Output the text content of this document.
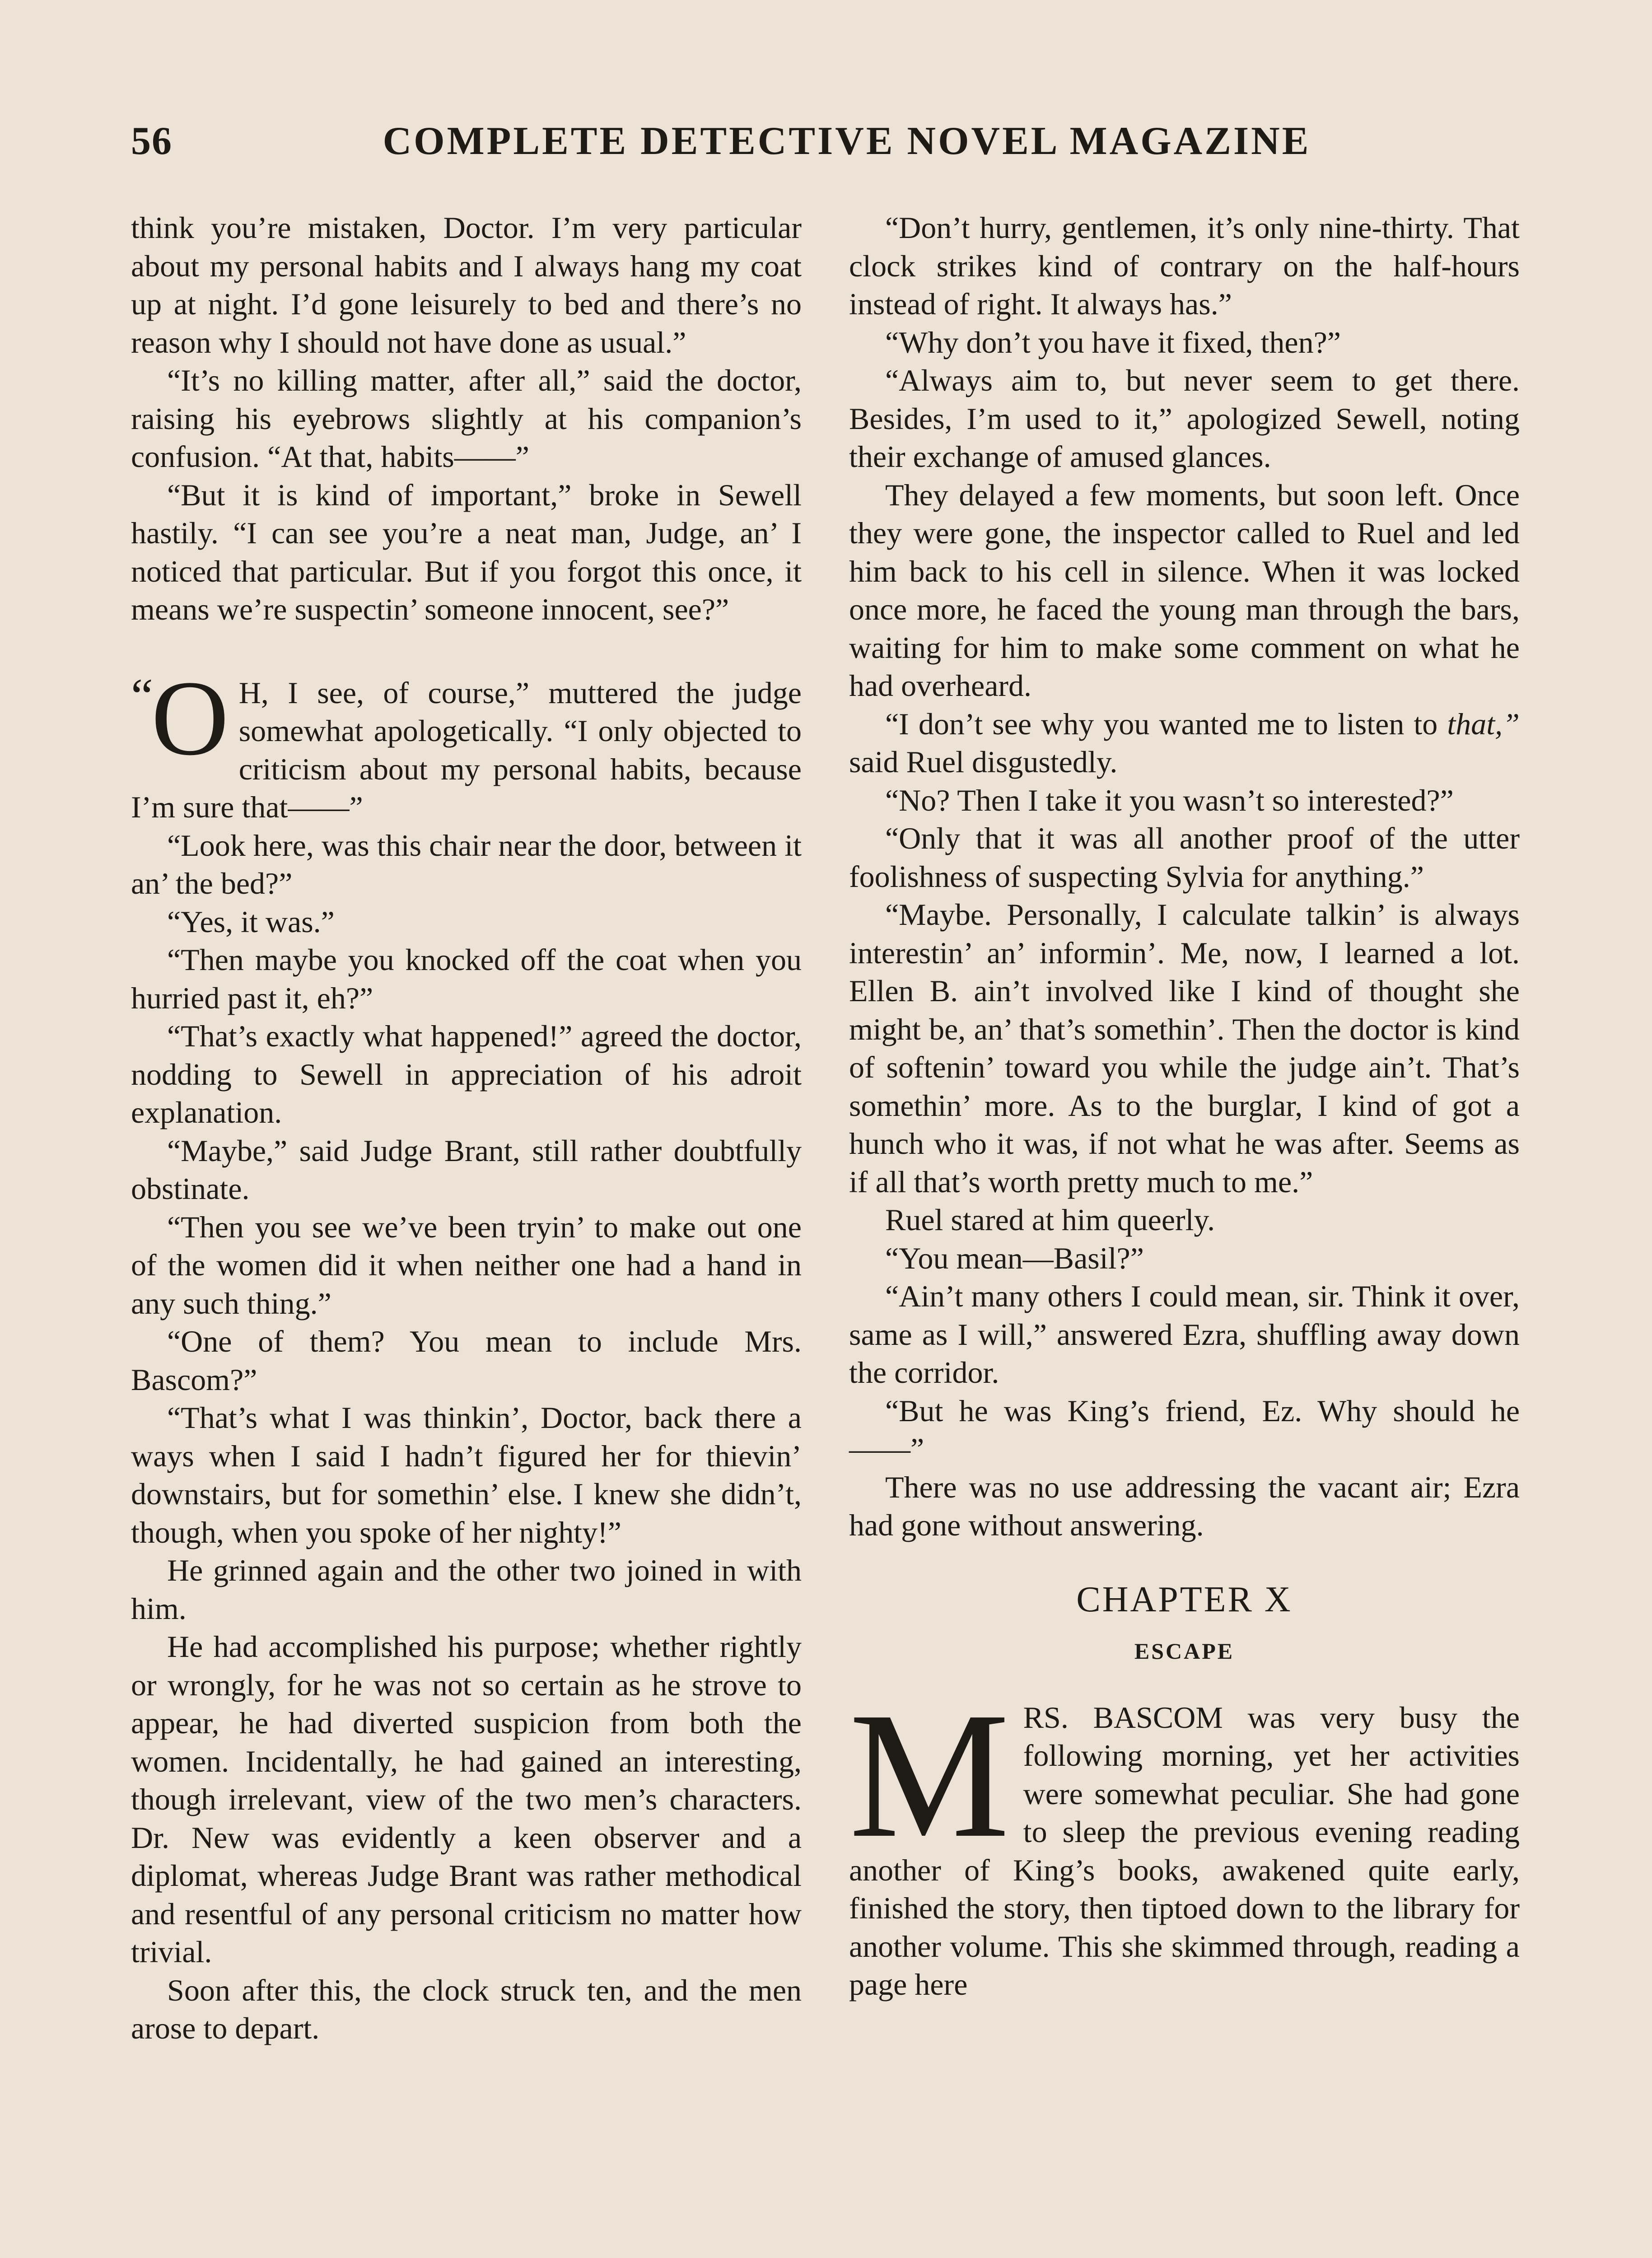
56	COMPLETE DETECTIVE NOVEL MAGAZINE

think you’re mistaken, Doctor. I’m very particular about my personal habits and I always hang my coat up at night. I’d gone leisurely to bed and there’s no reason why I should not have done as usual.”

“It’s no killing matter, after all,” said the doctor, raising his eyebrows slightly at his companion’s confusion. “At that, habits——”

“But it is kind of important,” broke in Sewell hastily. “I can see you’re a neat man, Judge, an’ I noticed that particular. But if you forgot this once, it means we’re suspectin’ someone innocent, see?”

“
O H, I see, of course,” muttered the judge somewhat apologetically. “I only objected to criticism about my personal habits, because I’m sure that——”

“Look here, was this chair near the door, between it an’ the bed?”

“Yes, it was.”

“Then maybe you knocked off the coat when you hurried past it, eh?”

“That’s exactly what happened!” agreed the doctor, nodding to Sewell in appreciation of his adroit explanation.

“Maybe,” said Judge Brant, still rather doubtfully obstinate.

“Then you see we’ve been tryin’ to make out one of the women did it when neither one had a hand in any such thing.”

“One of them? You mean to include Mrs. Bascom?”

“That’s what I was thinkin’, Doctor, back there a ways when I said I hadn’t figured her for thievin’ downstairs, but for somethin’ else. I knew she didn’t, though, when you spoke of her nighty!”

He grinned again and the other two joined in with him.

He had accomplished his purpose; whether rightly or wrongly, for he was not so certain as he strove to appear, he had diverted suspicion from both the women. Incidentally, he had gained an interesting, though irrelevant, view of the two men’s characters. Dr. New was evidently a keen observer and a diplomat, whereas Judge Brant was rather methodical and resentful of any personal criticism no matter how trivial.

Soon after this, the clock struck ten, and the men arose to depart.

“Don’t hurry, gentlemen, it’s only nine-thirty. That clock strikes kind of contrary on the half-hours instead of right. It always has.”

“Why don’t you have it fixed, then?”

“Always aim to, but never seem to get there. Besides, I’m used to it,” apologized Sewell, noting their exchange of amused glances.

They delayed a few moments, but soon left. Once they were gone, the inspector called to Ruel and led him back to his cell in silence. When it was locked once more, he faced the young man through the bars, waiting for him to make some comment on what he had overheard.

“I don’t see why you wanted me to listen to that,” said Ruel disgustedly.

“No? Then I take it you wasn’t so interested?”

“Only that it was all another proof of the utter foolishness of suspecting Sylvia for anything.”

“Maybe. Personally, I calculate talkin’ is always interestin’ an’ informin’. Me, now, I learned a lot. Ellen B. ain’t involved like I kind of thought she might be, an’ that’s somethin’. Then the doctor is kind of softenin’ toward you while the judge ain’t. That’s somethin’ more. As to the burglar, I kind of got a hunch who it was, if not what he was after. Seems as if all that’s worth pretty much to me.”

Ruel stared at him queerly.

“You mean—Basil?”

“Ain’t many others I could mean, sir. Think it over, same as I will,” answered Ezra, shuffling away down the corridor.

“But he was King’s friend, Ez. Why should he——”

There was no use addressing the vacant air; Ezra had gone without answering.

CHAPTER X
ESCAPE

MRS. BASCOM was very busy the following morning, yet her activities were somewhat peculiar. She had gone to sleep the previous evening reading another of King’s books, awakened quite early, finished the story, then tiptoed down to the library for another volume. This she skimmed through, reading a page here
